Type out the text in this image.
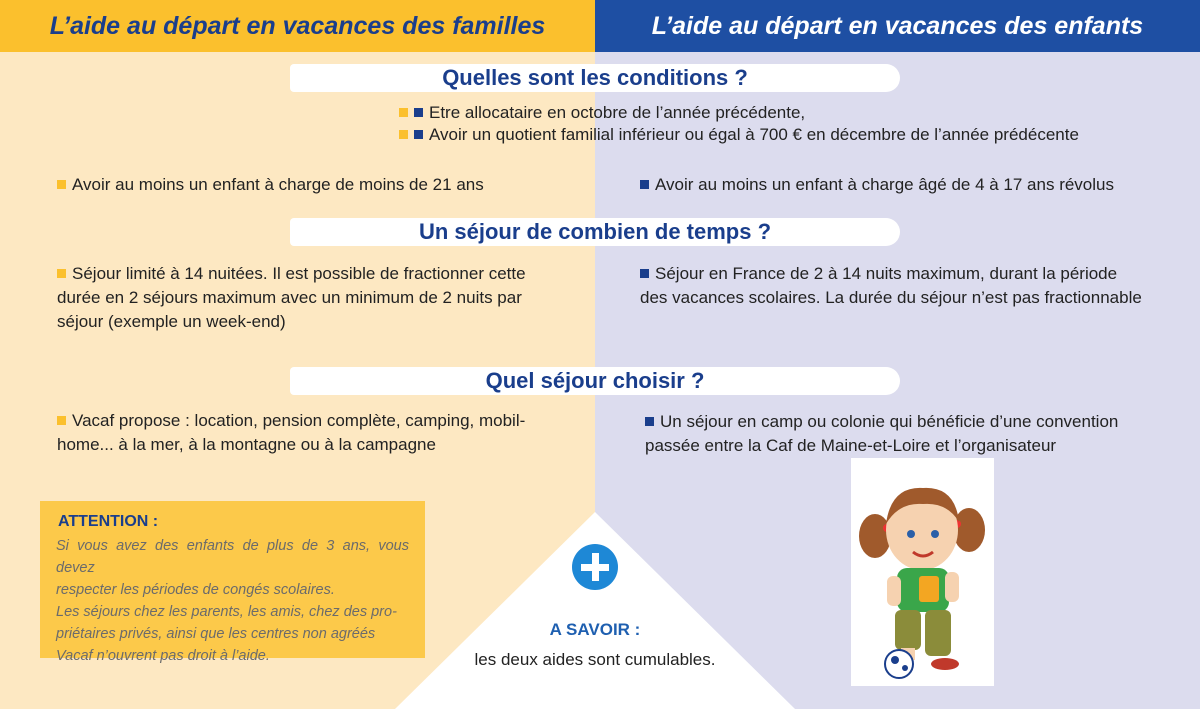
L’aide au départ en vacances des familles	L’aide au départ en vacances des enfants
Quelles sont les conditions ?
Etre allocataire en octobre de l’année précédente,
Avoir un quotient familial inférieur ou égal à 700 € en décembre de l’année prédécente
Avoir au moins un enfant à charge de moins de 21 ans	Avoir au moins un enfant à charge âgé de 4 à 17 ans révolus
Un séjour de combien de temps ?
Séjour limité à 14 nuitées. Il est possible de fractionner cette
durée en 2 séjours maximum avec un minimum de 2 nuits par
séjour (exemple un week-end)
Séjour en France de 2 à 14 nuits maximum, durant la période
des vacances scolaires. La durée du séjour n’est pas fractionnable
Quel séjour choisir ?
Vacaf propose : location, pension complète, camping, mobil-
home... à la mer, à la montagne ou à la campagne
Un séjour en camp ou colonie qui bénéficie d’une convention
passée entre la Caf de Maine-et-Loire et l’organisateur
ATTENTION :
Si vous avez des enfants de plus de 3 ans, vous devez
respecter les périodes de congés scolaires.
Les séjours chez les parents, les amis, chez des pro-
priétaires privés, ainsi que les centres non agréés
Vacaf n’ouvrent pas droit à l’aide.
A SAVOIR :
les deux aides sont cumulables.
